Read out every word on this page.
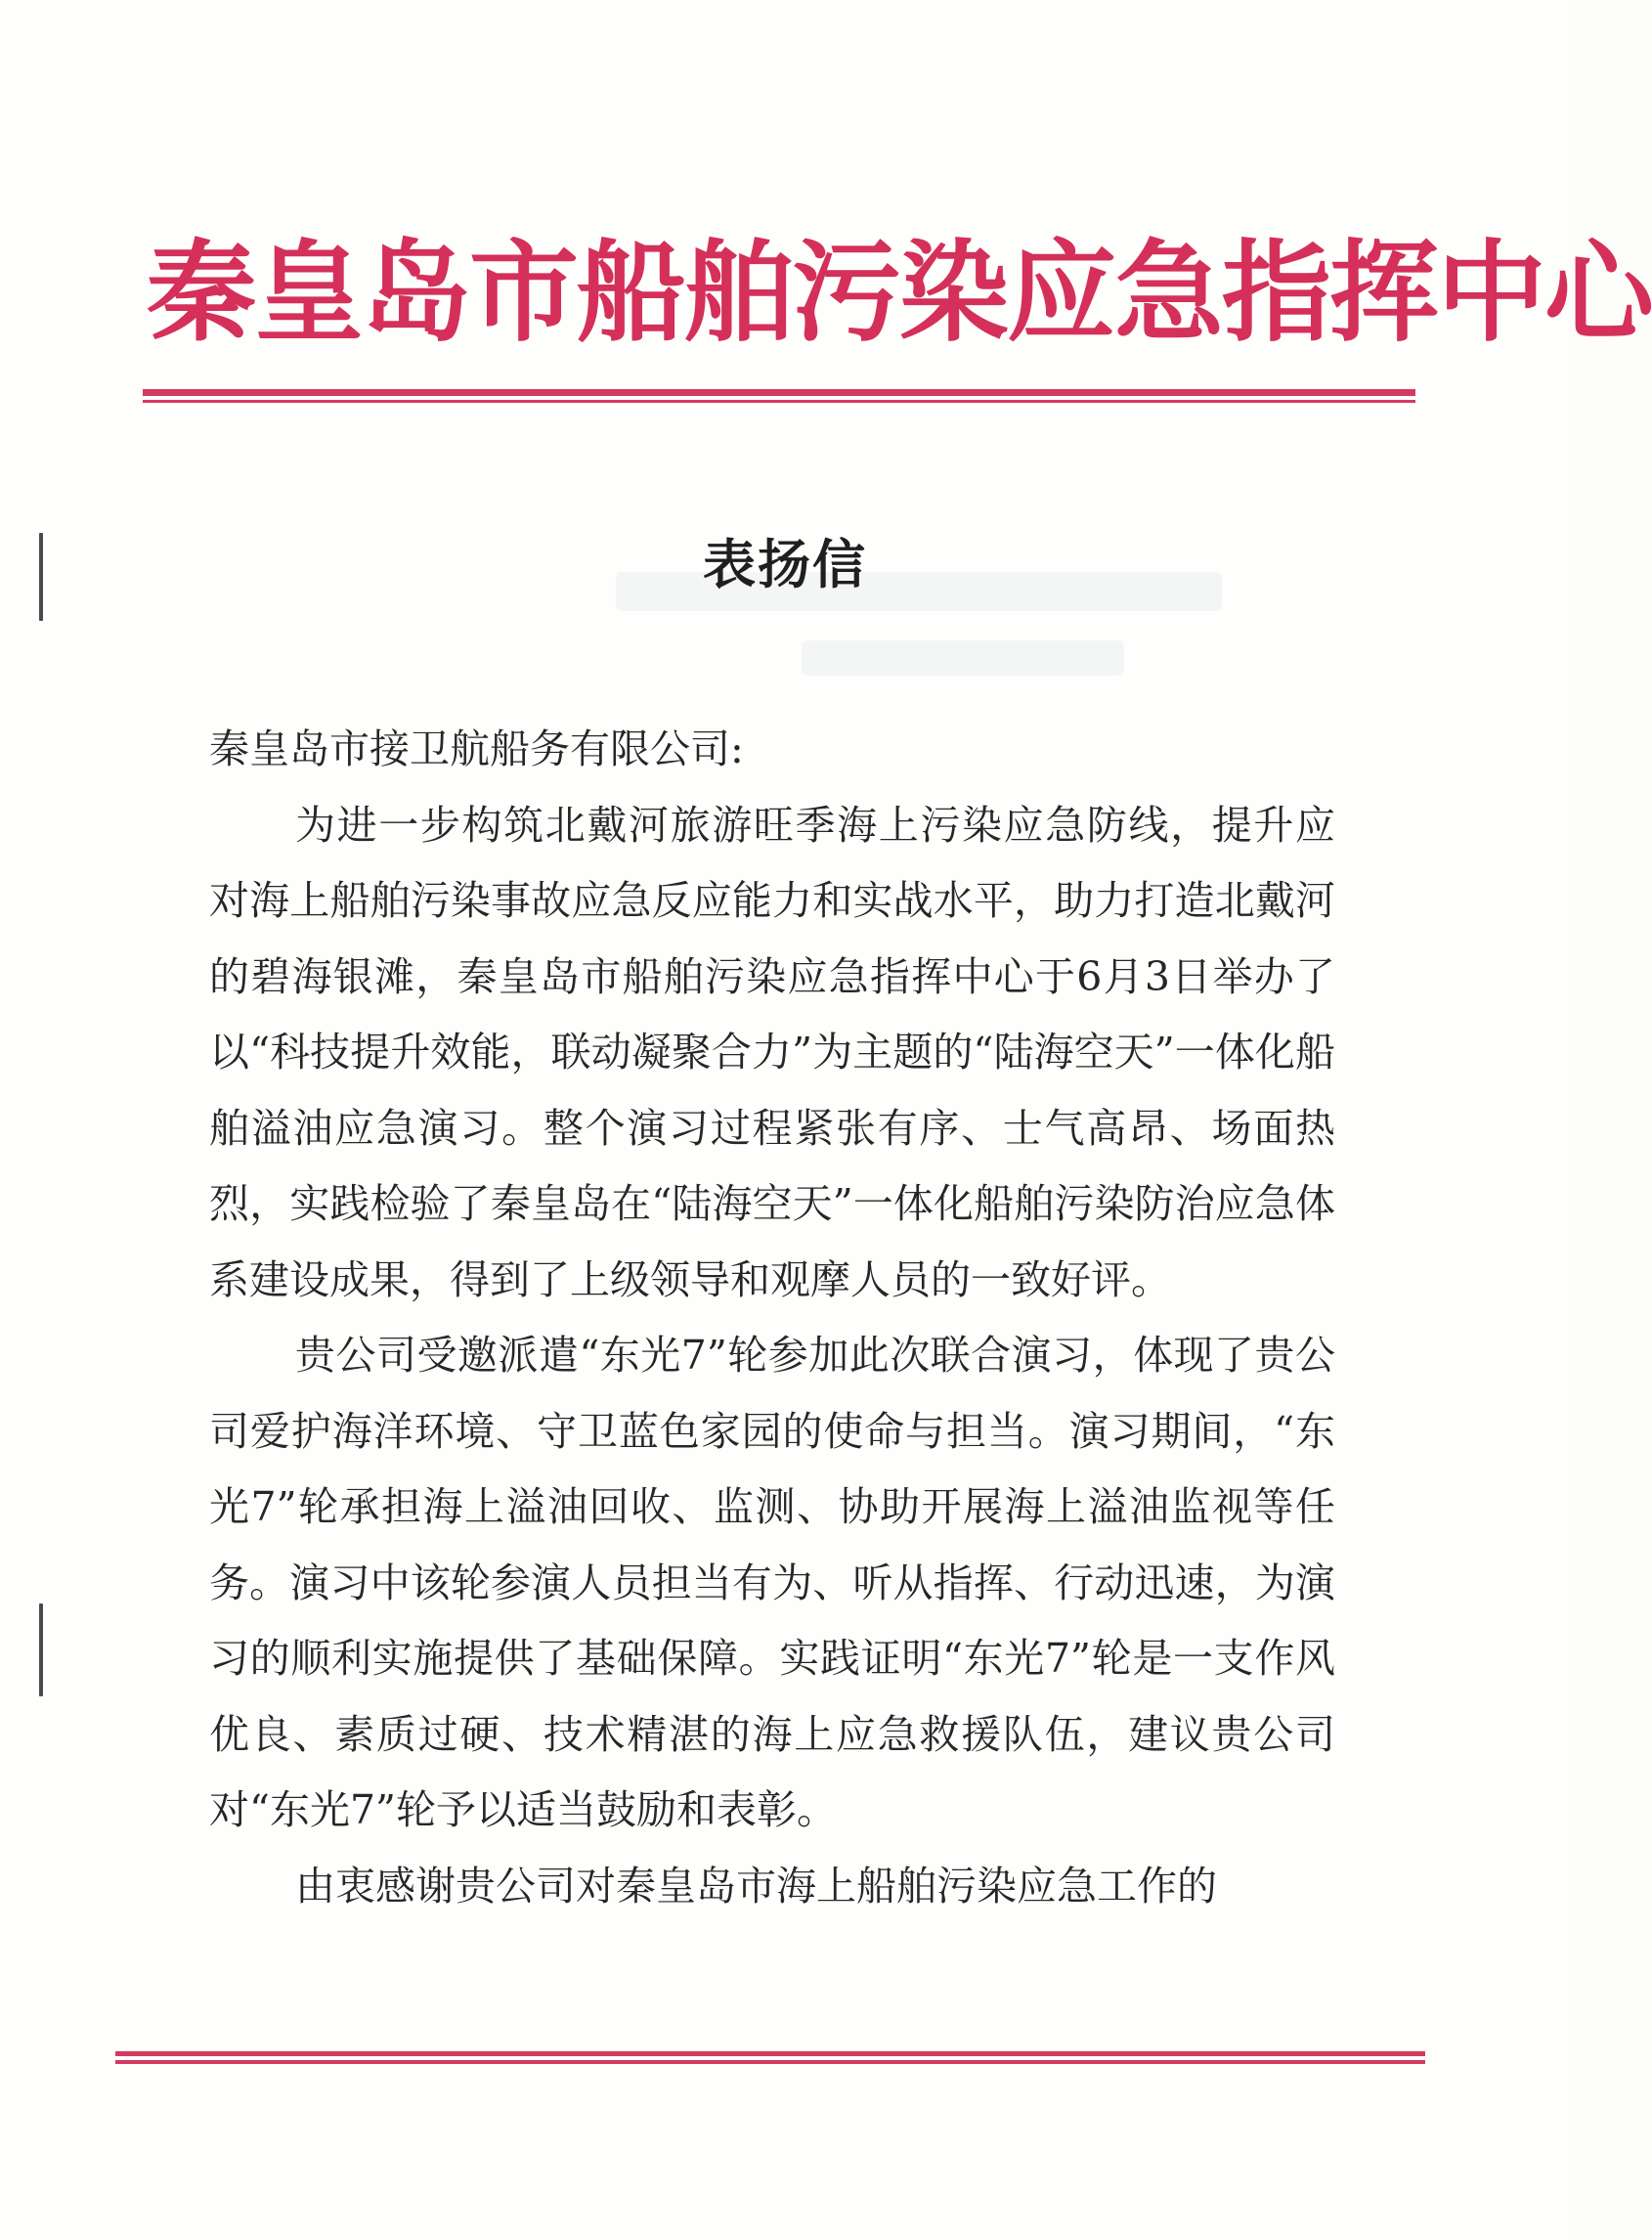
秦皇岛市船舶污染应急指挥中心
表扬信

秦皇岛市接卫航船务有限公司:

为进一步构筑北戴河旅游旺季海上污染应急防线，提升应对海上船舶污染事故应急反应能力和实战水平，助力打造北戴河的碧海银滩，秦皇岛市船舶污染应急指挥中心于6月3日举办了以“科技提升效能，联动凝聚合力”为主题的“陆海空天”一体化船舶溢油应急演习。整个演习过程紧张有序、士气高昂、场面热烈，实践检验了秦皇岛在“陆海空天”一体化船舶污染防治应急体系建设成果，得到了上级领导和观摩人员的一致好评。

贵公司受邀派遣“东光7”轮参加此次联合演习，体现了贵公司爱护海洋环境、守卫蓝色家园的使命与担当。演习期间，“东光7”轮承担海上溢油回收、监测、协助开展海上溢油监视等任务。演习中该轮参演人员担当有为、听从指挥、行动迅速，为演习的顺利实施提供了基础保障。实践证明“东光7”轮是一支作风优良、素质过硬、技术精湛的海上应急救援队伍，建议贵公司对“东光7”轮予以适当鼓励和表彰。

由衷感谢贵公司对秦皇岛市海上船舶污染应急工作的
